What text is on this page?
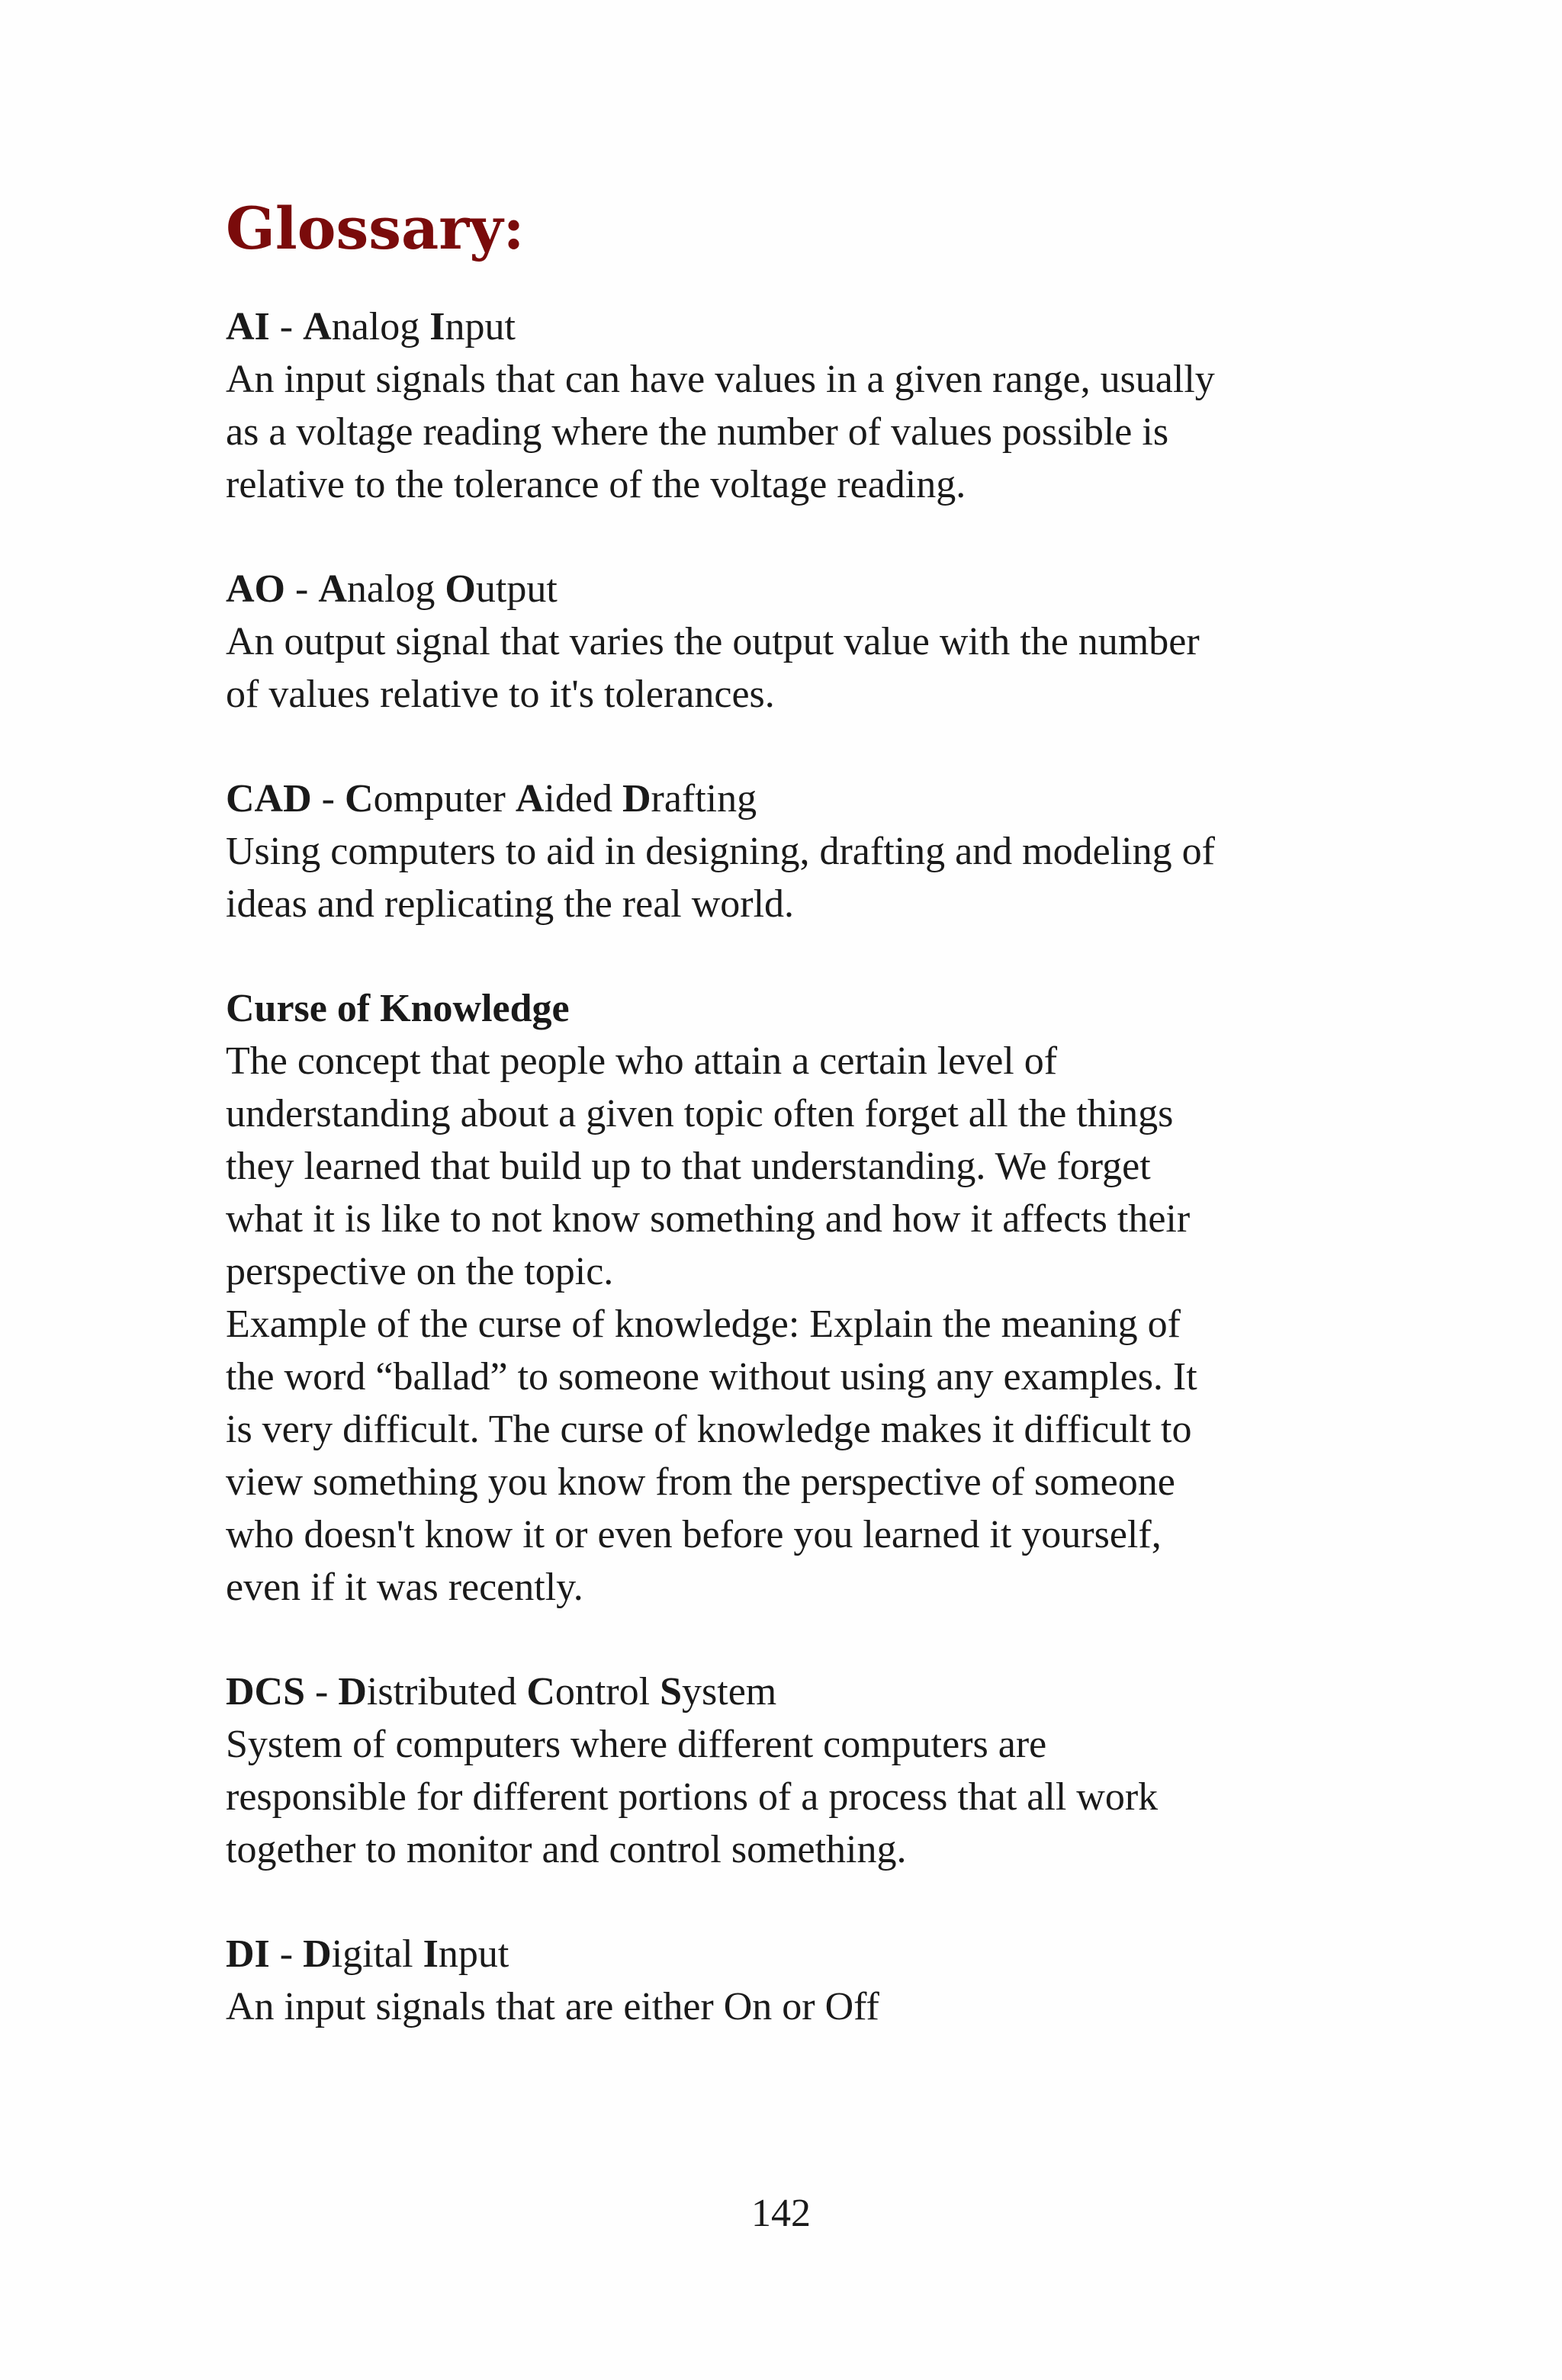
Glossary:
AI - Analog Input
An input signals that can have values in a given range, usually
as a voltage reading where the number of values possible is
relative to the tolerance of the voltage reading.
AO - Analog Output
An output signal that varies the output value with the number
of values relative to it's tolerances.
CAD - Computer Aided Drafting
Using computers to aid in designing, drafting and modeling of
ideas and replicating the real world.
Curse of Knowledge
The concept that people who attain a certain level of
understanding about a given topic often forget all the things
they learned that build up to that understanding. We forget
what it is like to not know something and how it affects their
perspective on the topic.
Example of the curse of knowledge: Explain the meaning of
the word “ballad” to someone without using any examples. It
is very difficult. The curse of knowledge makes it difficult to
view something you know from the perspective of someone
who doesn't know it or even before you learned it yourself,
even if it was recently.
DCS - Distributed Control System
System of computers where different computers are
responsible for different portions of a process that all work
together to monitor and control something.
DI - Digital Input
An input signals that are either On or Off
142
